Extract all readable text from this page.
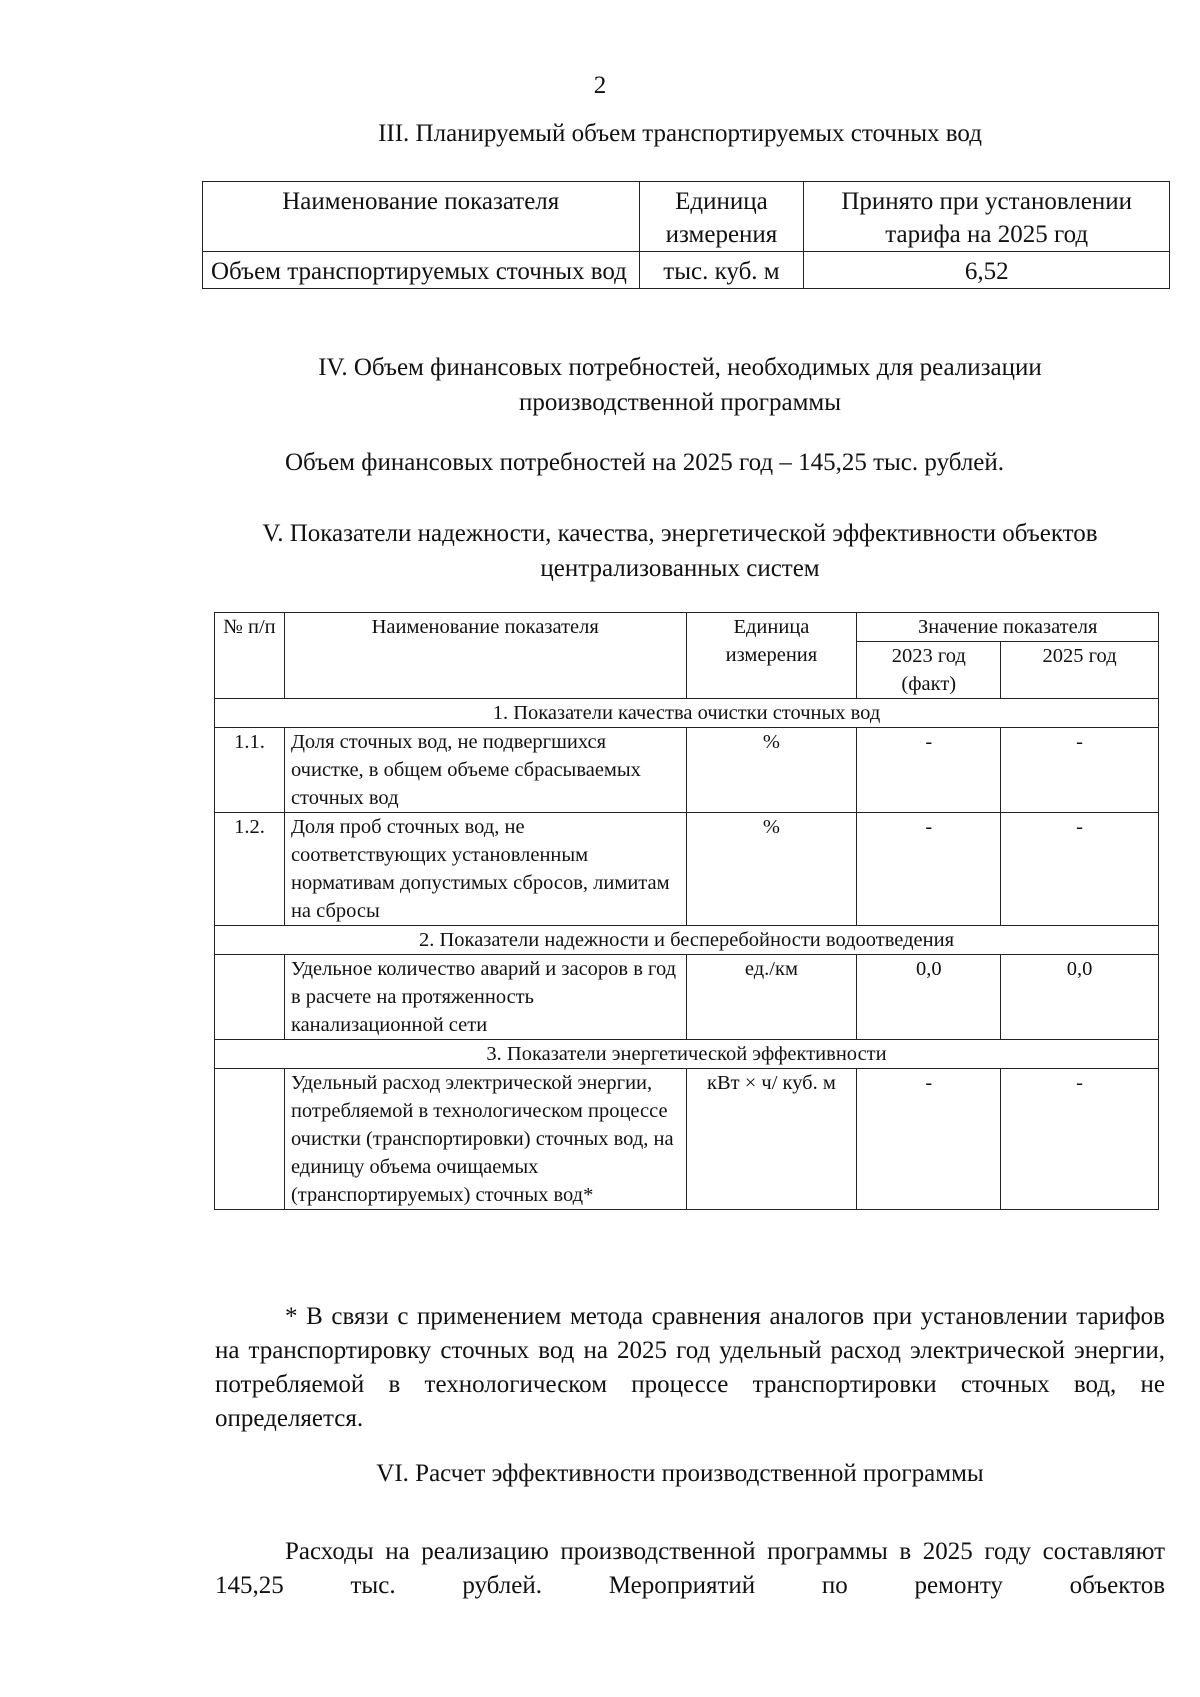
2
III. Планируемый объем транспортируемых сточных вод
Наименование показателя	Единица измерения	Принято при установлении тарифа на 2025 год
Объем транспортируемых сточных вод	тыс. куб. м	6,52
IV. Объем финансовых потребностей, необходимых для реализации производственной программы
Объем финансовых потребностей на 2025 год – 145,25 тыс. рублей.
V. Показатели надежности, качества, энергетической эффективности объектов централизованных систем
№ п/п	Наименование показателя	Единица измерения	Значение показателя	
			2023 год (факт)	2025 год
1. Показатели качества очистки сточных вод				
1.1.	Доля сточных вод, не подвергшихся очистке, в общем объеме сбрасываемых сточных вод	%	-	-
1.2.	Доля проб сточных вод, не соответствующих установленным нормативам допустимых сбросов, лимитам на сбросы	%	-	-
2. Показатели надежности и бесперебойности водоотведения				
	Удельное количество аварий и засоров в год в расчете на протяженность канализационной сети	ед./км	0,0	0,0
3. Показатели энергетической эффективности				
	Удельный расход электрической энергии, потребляемой в технологическом процессе очистки (транспортировки) сточных вод, на единицу объема очищаемых (транспортируемых) сточных вод*	кВт × ч/ куб. м	-	-
* В связи с применением метода сравнения аналогов при установлении тарифов на транспортировку сточных вод на 2025 год удельный расход электрической энергии, потребляемой в технологическом процессе транспортировки сточных вод, не определяется.
VI. Расчет эффективности производственной программы
Расходы на реализацию производственной программы в 2025 году составляют 145,25 тыс. рублей. Мероприятий по ремонту объектов
